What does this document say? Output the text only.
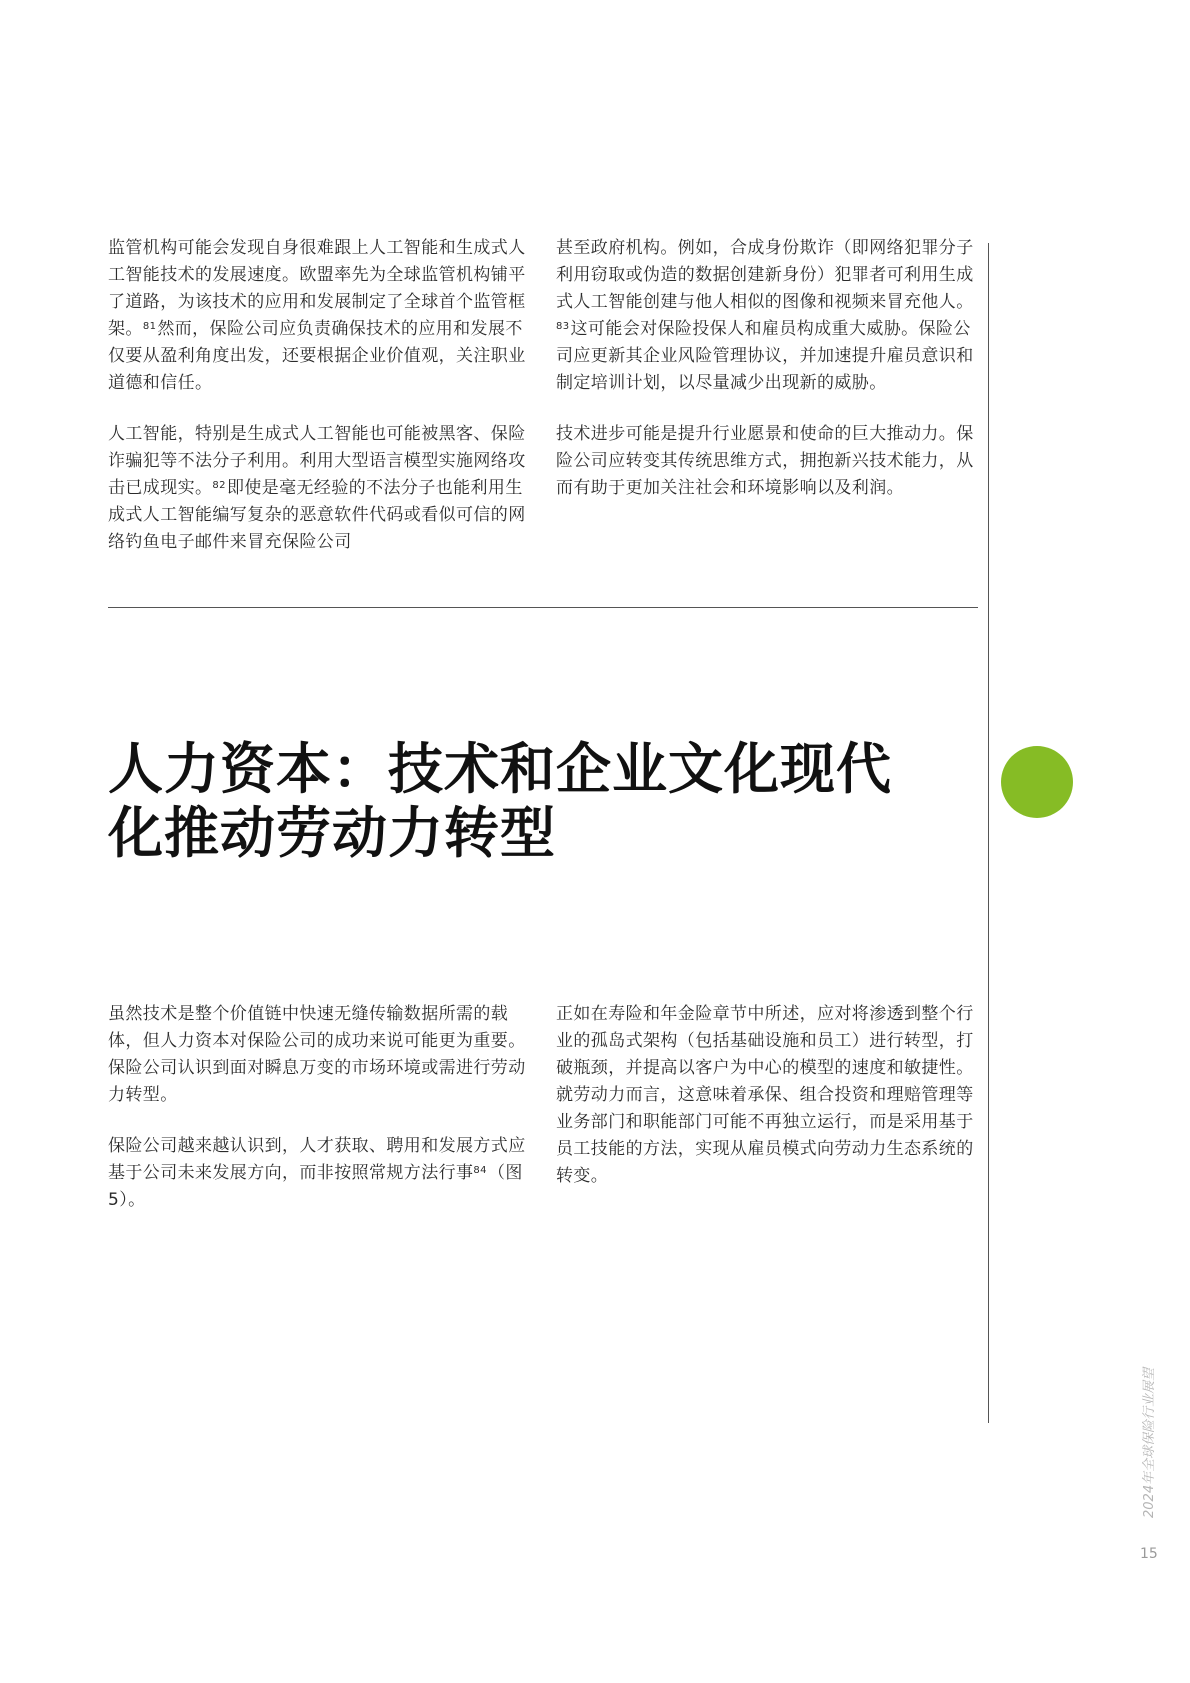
监管机构可能会发现自身很难跟上人工智能和生成式人工智能技术的发展速度。欧盟率先为全球监管机构铺平了道路，为该技术的应用和发展制定了全球首个监管框架。$^{81}$然而，保险公司应负责确保技术的应用和发展不仅要从盈利角度出发，还要根据企业价值观，关注职业道德和信任。

人工智能，特别是生成式人工智能也可能被黑客、保险诈骗犯等不法分子利用。利用大型语言模型实施网络攻击已成现实。$^{82}$即使是毫无经验的不法分子也能利用生成式人工智能编写复杂的恶意软件代码或看似可信的网络钓鱼电子邮件来冒充保险公司

甚至政府机构。例如，合成身份欺诈（即网络犯罪分子利用窃取或伪造的数据创建新身份）犯罪者可利用生成式人工智能创建与他人相似的图像和视频来冒充他人。$^{83}$这可能会对保险投保人和雇员构成重大威胁。保险公司应更新其企业风险管理协议，并加速提升雇员意识和制定培训计划，以尽量减少出现新的威胁。

技术进步可能是提升行业愿景和使命的巨大推动力。保险公司应转变其传统思维方式，拥抱新兴技术能力，从而有助于更加关注社会和环境影响以及利润。

人力资本：技术和企业文化现代
化推动劳动力转型

虽然技术是整个价值链中快速无缝传输数据所需的载体，但人力资本对保险公司的成功来说可能更为重要。保险公司认识到面对瞬息万变的市场环境或需进行劳动力转型。

保险公司越来越认识到，人才获取、聘用和发展方式应基于公司未来发展方向，而非按照常规方法行事$^{84}$（图5）。

正如在寿险和年金险章节中所述，应对将渗透到整个行业的孤岛式架构（包括基础设施和员工）进行转型，打破瓶颈，并提高以客户为中心的模型的速度和敏捷性。就劳动力而言，这意味着承保、组合投资和理赔管理等业务部门和职能部门可能不再独立运行，而是采用基于员工技能的方法，实现从雇员模式向劳动力生态系统的转变。

2024年全球保险行业展望
15
